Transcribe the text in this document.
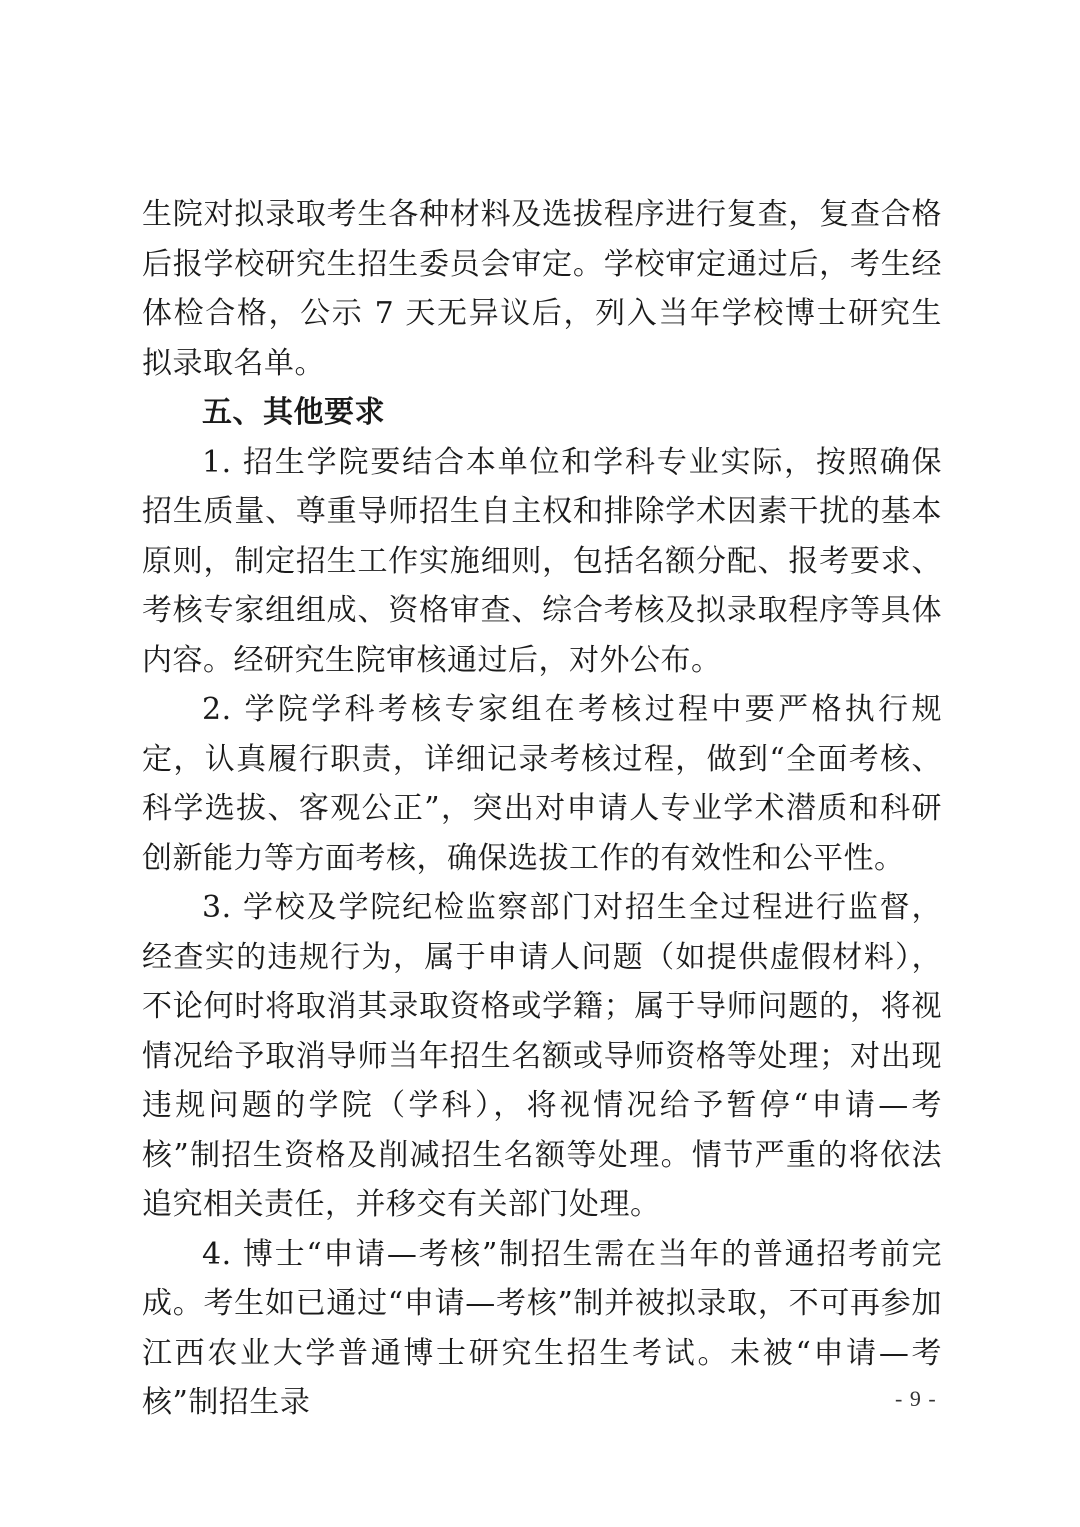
生院对拟录取考生各种材料及选拔程序进行复查，复查合格后报学校研究生招生委员会审定。学校审定通过后，考生经体检合格，公示 7 天无异议后，列入当年学校博士研究生拟录取名单。

五、其他要求

1. 招生学院要结合本单位和学科专业实际，按照确保招生质量、尊重导师招生自主权和排除学术因素干扰的基本原则，制定招生工作实施细则，包括名额分配、报考要求、考核专家组组成、资格审查、综合考核及拟录取程序等具体内容。经研究生院审核通过后，对外公布。

2. 学院学科考核专家组在考核过程中要严格执行规定，认真履行职责，详细记录考核过程，做到“全面考核、科学选拔、客观公正”，突出对申请人专业学术潜质和科研创新能力等方面考核，确保选拔工作的有效性和公平性。

3. 学校及学院纪检监察部门对招生全过程进行监督，经查实的违规行为，属于申请人问题（如提供虚假材料），不论何时将取消其录取资格或学籍；属于导师问题的，将视情况给予取消导师当年招生名额或导师资格等处理；对出现违规问题的学院（学科），将视情况给予暂停“申请—考核”制招生资格及削减招生名额等处理。情节严重的将依法追究相关责任，并移交有关部门处理。

4. 博士“申请—考核”制招生需在当年的普通招考前完成。考生如已通过“申请—考核”制并被拟录取，不可再参加江西农业大学普通博士研究生招生考试。未被“申请—考核”制招生录	- 9 -
